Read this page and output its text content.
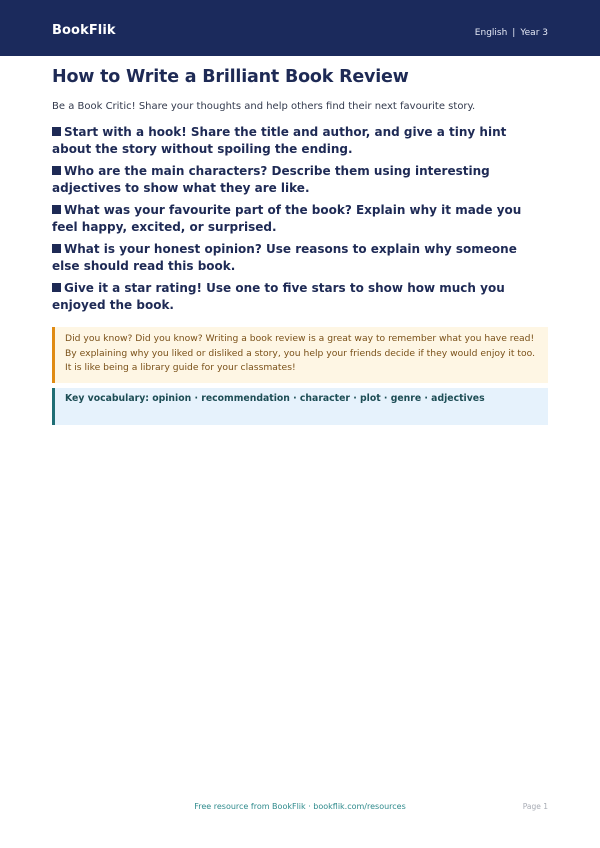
BookFlik	English | Year 3
How to Write a Brilliant Book Review

Be a Book Critic! Share your thoughts and help others find their next favourite story.

Start with a hook! Share the title and author, and give a tiny hint about the story without spoiling the ending.
Who are the main characters? Describe them using interesting adjectives to show what they are like.
What was your favourite part of the book? Explain why it made you feel happy, excited, or surprised.
What is your honest opinion? Use reasons to explain why someone else should read this book.
Give it a star rating! Use one to five stars to show how much you enjoyed the book.

Did you know? Did you know? Writing a book review is a great way to remember what you have read! By explaining why you liked or disliked a story, you help your friends decide if they would enjoy it too. It is like being a library guide for your classmates!

Key vocabulary: opinion · recommendation · character · plot · genre · adjectives

Free resource from BookFlik · bookflik.com/resources	Page 1
